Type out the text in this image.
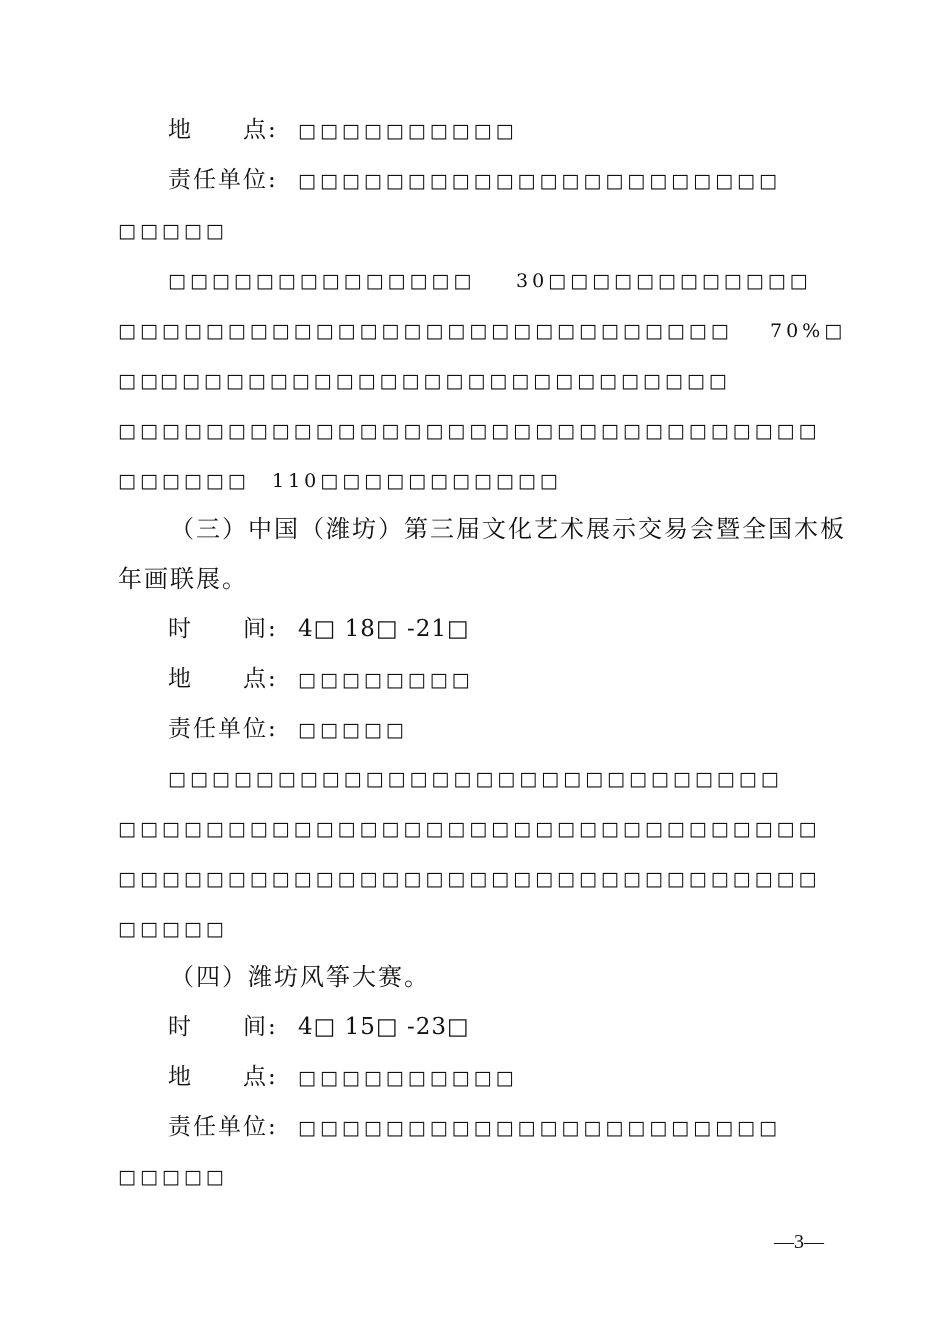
地　　点: □□□□□□□□□□
责任单位: □□□□□□□□□□□□□□□□□□□□□□
□□□□□
□□□□□□□□□□□□□□ 30□□□□□□□□□□□□
□□□□□□□□□□□□□□□□□□□□□□□□□□□□ 70%□
□□
□□□□□□□□□□□□□□□□□□□□□□□□□□
□□□□□□□□□□□□□□□□□□□□□□□□□□□□□□□□
□□□□□□ 110□□□□□□□□□□□
（三）中国（潍坊）第三届文化艺术展示交易会暨全国木板
年画联展。
时　　间: 4□ 18□ -21□
地　　点: □□□□□□□□
责任单位: □□□□□
□□□□□□□□□□□□□□□□□□□□□□□□□□□□
□□□□□□□□□□□□□□□□□□□□□□□□□□□□□□□□
□□□□□□□□□□□□□□□□□□□□□□□□□□□□□□□□
□□□□□
（四）潍坊风筝大赛。
时　　间: 4□ 15□ -23□
地　　点: □□□□□□□□□□
责任单位: □□□□□□□□□□□□□□□□□□□□□□
□□□□□
—3—
